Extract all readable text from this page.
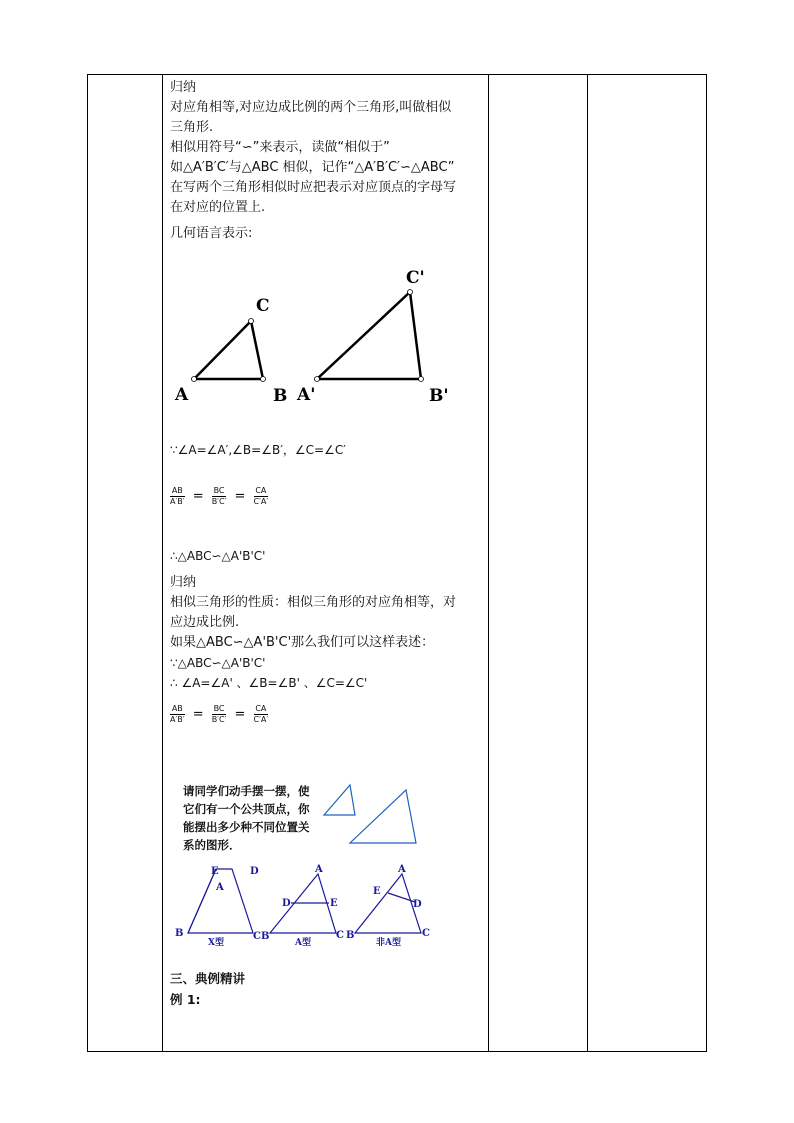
归纳
对应角相等,对应边成比例的两个三角形,叫做相似
三角形.
相似用符号“∽”来表示，读做“相似于”
如△A′B′C′与△ABC 相似，记作“△A′B′C′∽△ABC”
在写两个三角形相似时应把表示对应顶点的字母写
在对应的位置上.
几何语言表示:
A	B
C
A'	B'
C'
∵∠A=∠A′,∠B=∠B′，∠C=∠C′
$\frac{AB}{A'B'} = \frac{BC}{B'C'} = \frac{CA}{C'A'}$
∴△ABC∽△A'B'C'
归纳
相似三角形的性质：相似三角形的对应角相等，对
应边成比例.
如果△ABC∽△A'B'C'那么我们可以这样表述：
∵△ABC∽△A'B'C'
∴ ∠A=∠A' 、∠B=∠B' 、∠C=∠C'
$\frac{AB}{A'B'} = \frac{BC}{B'C'} = \frac{CA}{C'A'}$
请同学们动手摆一摆，使
它们有一个公共顶点，你
能摆出多少种不同位置关
系的图形．
E	D
A
B	C
X型
A
D	E
B	C
A型
A
E
D
B	C
非A型
三、典例精讲
例 1:
